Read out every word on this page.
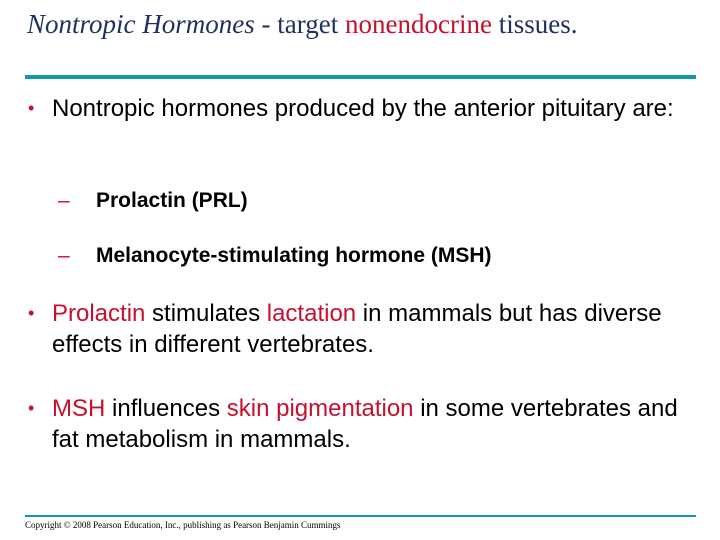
Nontropic Hormones - target nonendocrine tissues.
• Nontropic hormones produced by the anterior pituitary are:
– Prolactin (PRL)
– Melanocyte-stimulating hormone (MSH)
• Prolactin stimulates lactation in mammals but has diverse effects in different vertebrates.
• MSH influences skin pigmentation in some vertebrates and fat metabolism in mammals.
Copyright © 2008 Pearson Education, Inc., publishing as Pearson Benjamin Cummings
